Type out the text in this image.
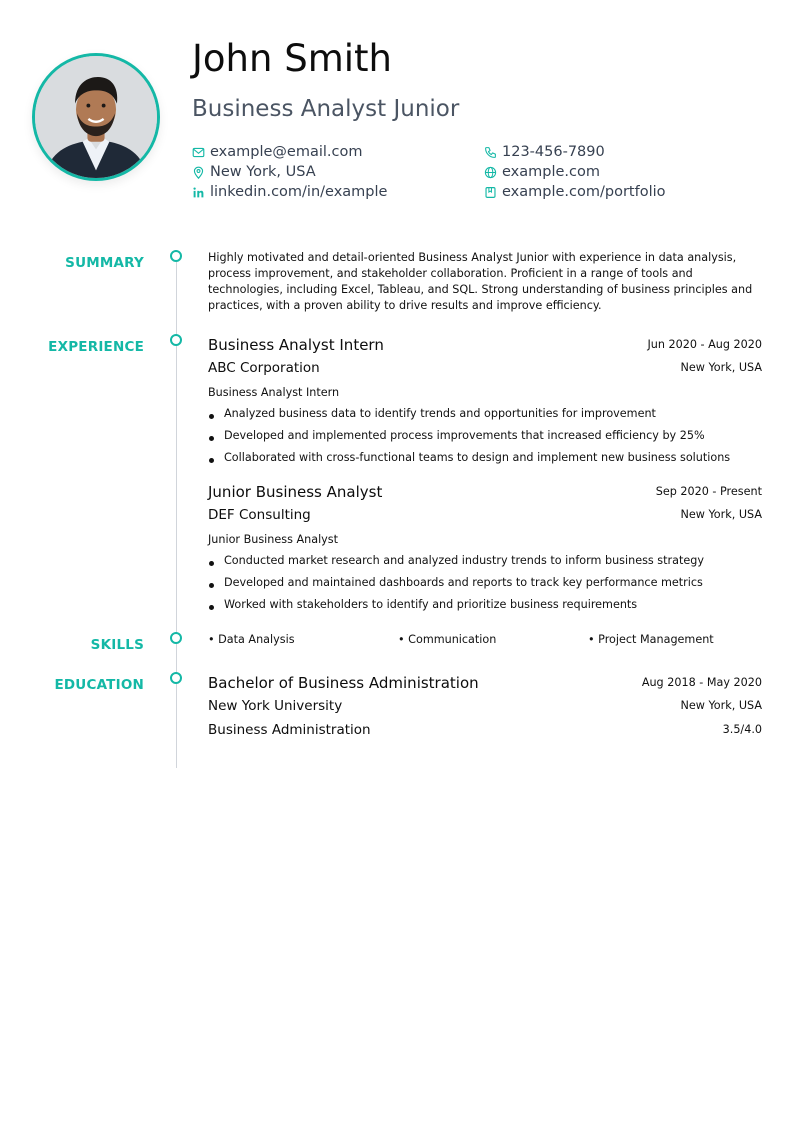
John Smith
Business Analyst Junior
example@email.com	123-456-7890
New York, USA	example.com
linkedin.com/in/example	example.com/portfolio
SUMMARY
EXPERIENCE
SKILLS
EDUCATION

Highly motivated and detail-oriented Business Analyst Junior with experience in data analysis, process improvement, and stakeholder collaboration. Proficient in a range of tools and technologies, including Excel, Tableau, and SQL. Strong understanding of business principles and practices, with a proven ability to drive results and improve efficiency.

Business Analyst Intern	Jun 2020 - Aug 2020
ABC Corporation	New York, USA
Business Analyst Intern
Analyzed business data to identify trends and opportunities for improvement
Developed and implemented process improvements that increased efficiency by 25%
Collaborated with cross-functional teams to design and implement new business solutions
Junior Business Analyst	Sep 2020 - Present
DEF Consulting	New York, USA
Junior Business Analyst
Conducted market research and analyzed industry trends to inform business strategy
Developed and maintained dashboards and reports to track key performance metrics
Worked with stakeholders to identify and prioritize business requirements
• Data Analysis	• Communication	• Project Management
Bachelor of Business Administration	Aug 2018 - May 2020
New York University	New York, USA
Business Administration	3.5/4.0
